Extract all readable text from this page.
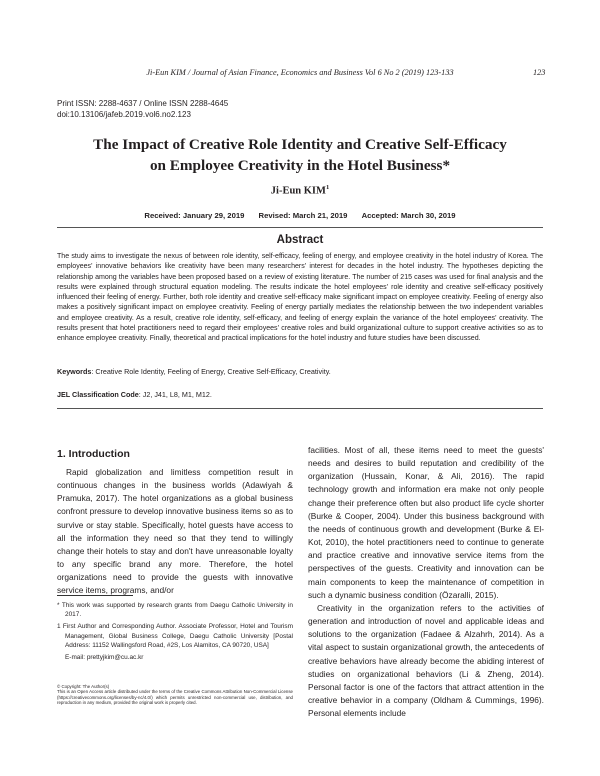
Ji-Eun KIM / Journal of Asian Finance, Economics and Business Vol 6 No 2 (2019) 123-133	123
Print ISSN: 2288-4637 / Online ISSN 2288-4645
doi:10.13106/jafeb.2019.vol6.no2.123
The Impact of Creative Role Identity and Creative Self-Efficacy
on Employee Creativity in the Hotel Business*
Ji-Eun KIM$^1$
Received: January 29, 2019 Revised: March 21, 2019 Accepted: March 30, 2019
Abstract
The study aims to investigate the nexus of between role identity, self-efficacy, feeling of energy, and employee creativity in the hotel industry of Korea. The employees' innovative behaviors like creativity have been many researchers' interest for decades in the hotel industry. The hypotheses depicting the relationship among the variables have been proposed based on a review of existing literature. The number of 215 cases was used for final analysis and the results were explained through structural equation modeling. The results indicate the hotel employees' role identity and creative self-efficacy positively influenced their feeling of energy. Further, both role identity and creative self-efficacy make significant impact on employee creativity. Feeling of energy also makes a positively significant impact on employee creativity. Feeling of energy partially mediates the relationship between the two independent variables and employee creativity. As a result, creative role identity, self-efficacy, and feeling of energy explain the variance of the hotel employees' creativity. The results present that hotel practitioners need to regard their employees' creative roles and build organizational culture to support creative activities so as to enhance employee creativity. Finally, theoretical and practical implications for the hotel industry and future studies have been discussed.
Keywords: Creative Role Identity, Feeling of Energy, Creative Self-Efficacy, Creativity.
JEL Classification Code: J2, J41, L8, M1, M12.
1. Introduction

Rapid globalization and limitless competition result in continuous changes in the business worlds (Adawiyah & Pramuka, 2017). The hotel organizations as a global business confront pressure to develop innovative business items so as to survive or stay stable. Specifically, hotel guests have access to all the information they need so that they tend to willingly change their hotels to stay and don't have unreasonable loyalty to any specific brand any more. Therefore, the hotel organizations need to provide the guests with innovative service items, programs, and/or

facilities. Most of all, these items need to meet the guests' needs and desires to build reputation and credibility of the organization (Hussain, Konar, & Ali, 2016). The rapid technology growth and information era make not only people change their preference often but also product life cycle shorter (Burke & Cooper, 2004). Under this business background with the needs of continuous growth and development (Burke & El-Kot, 2010), the hotel practitioners need to continue to generate and practice creative and innovative service items from the perspectives of the guests. Creativity and innovation can be main components to keep the maintenance of competition in such a dynamic business condition (Özaralli, 2015).

Creativity in the organization refers to the activities of generation and introduction of novel and applicable ideas and solutions to the organization (Fadaee & Alzahrh, 2014). As a vital aspect to sustain organizational growth, the antecedents of creative behaviors have already become the abiding interest of studies on organizational behaviors (Li & Zheng, 2014). Personal factor is one of the factors that attract attention in the creative behavior in a company (Oldham & Cummings, 1996). Personal elements include

* This work was supported by research grants from Daegu Catholic University in 2017.
1 First Author and Corresponding Author. Associate Professor, Hotel and Tourism Management, Global Business College, Daegu Catholic University [Postal Address: 11152 Wallingsford Road, #2S, Los Alamitos, CA 90720, USA]
E-mail: prettyjkim@cu.ac.kr
© Copyright: The Author(s)
This is an Open Access article distributed under the terms of the Creative Commons Attribution Non-Commercial License (https://creativecommons.org/licenses/by-nc/4.0/) which permits unrestricted non-commercial use, distribution, and reproduction in any medium, provided the original work is properly cited.
